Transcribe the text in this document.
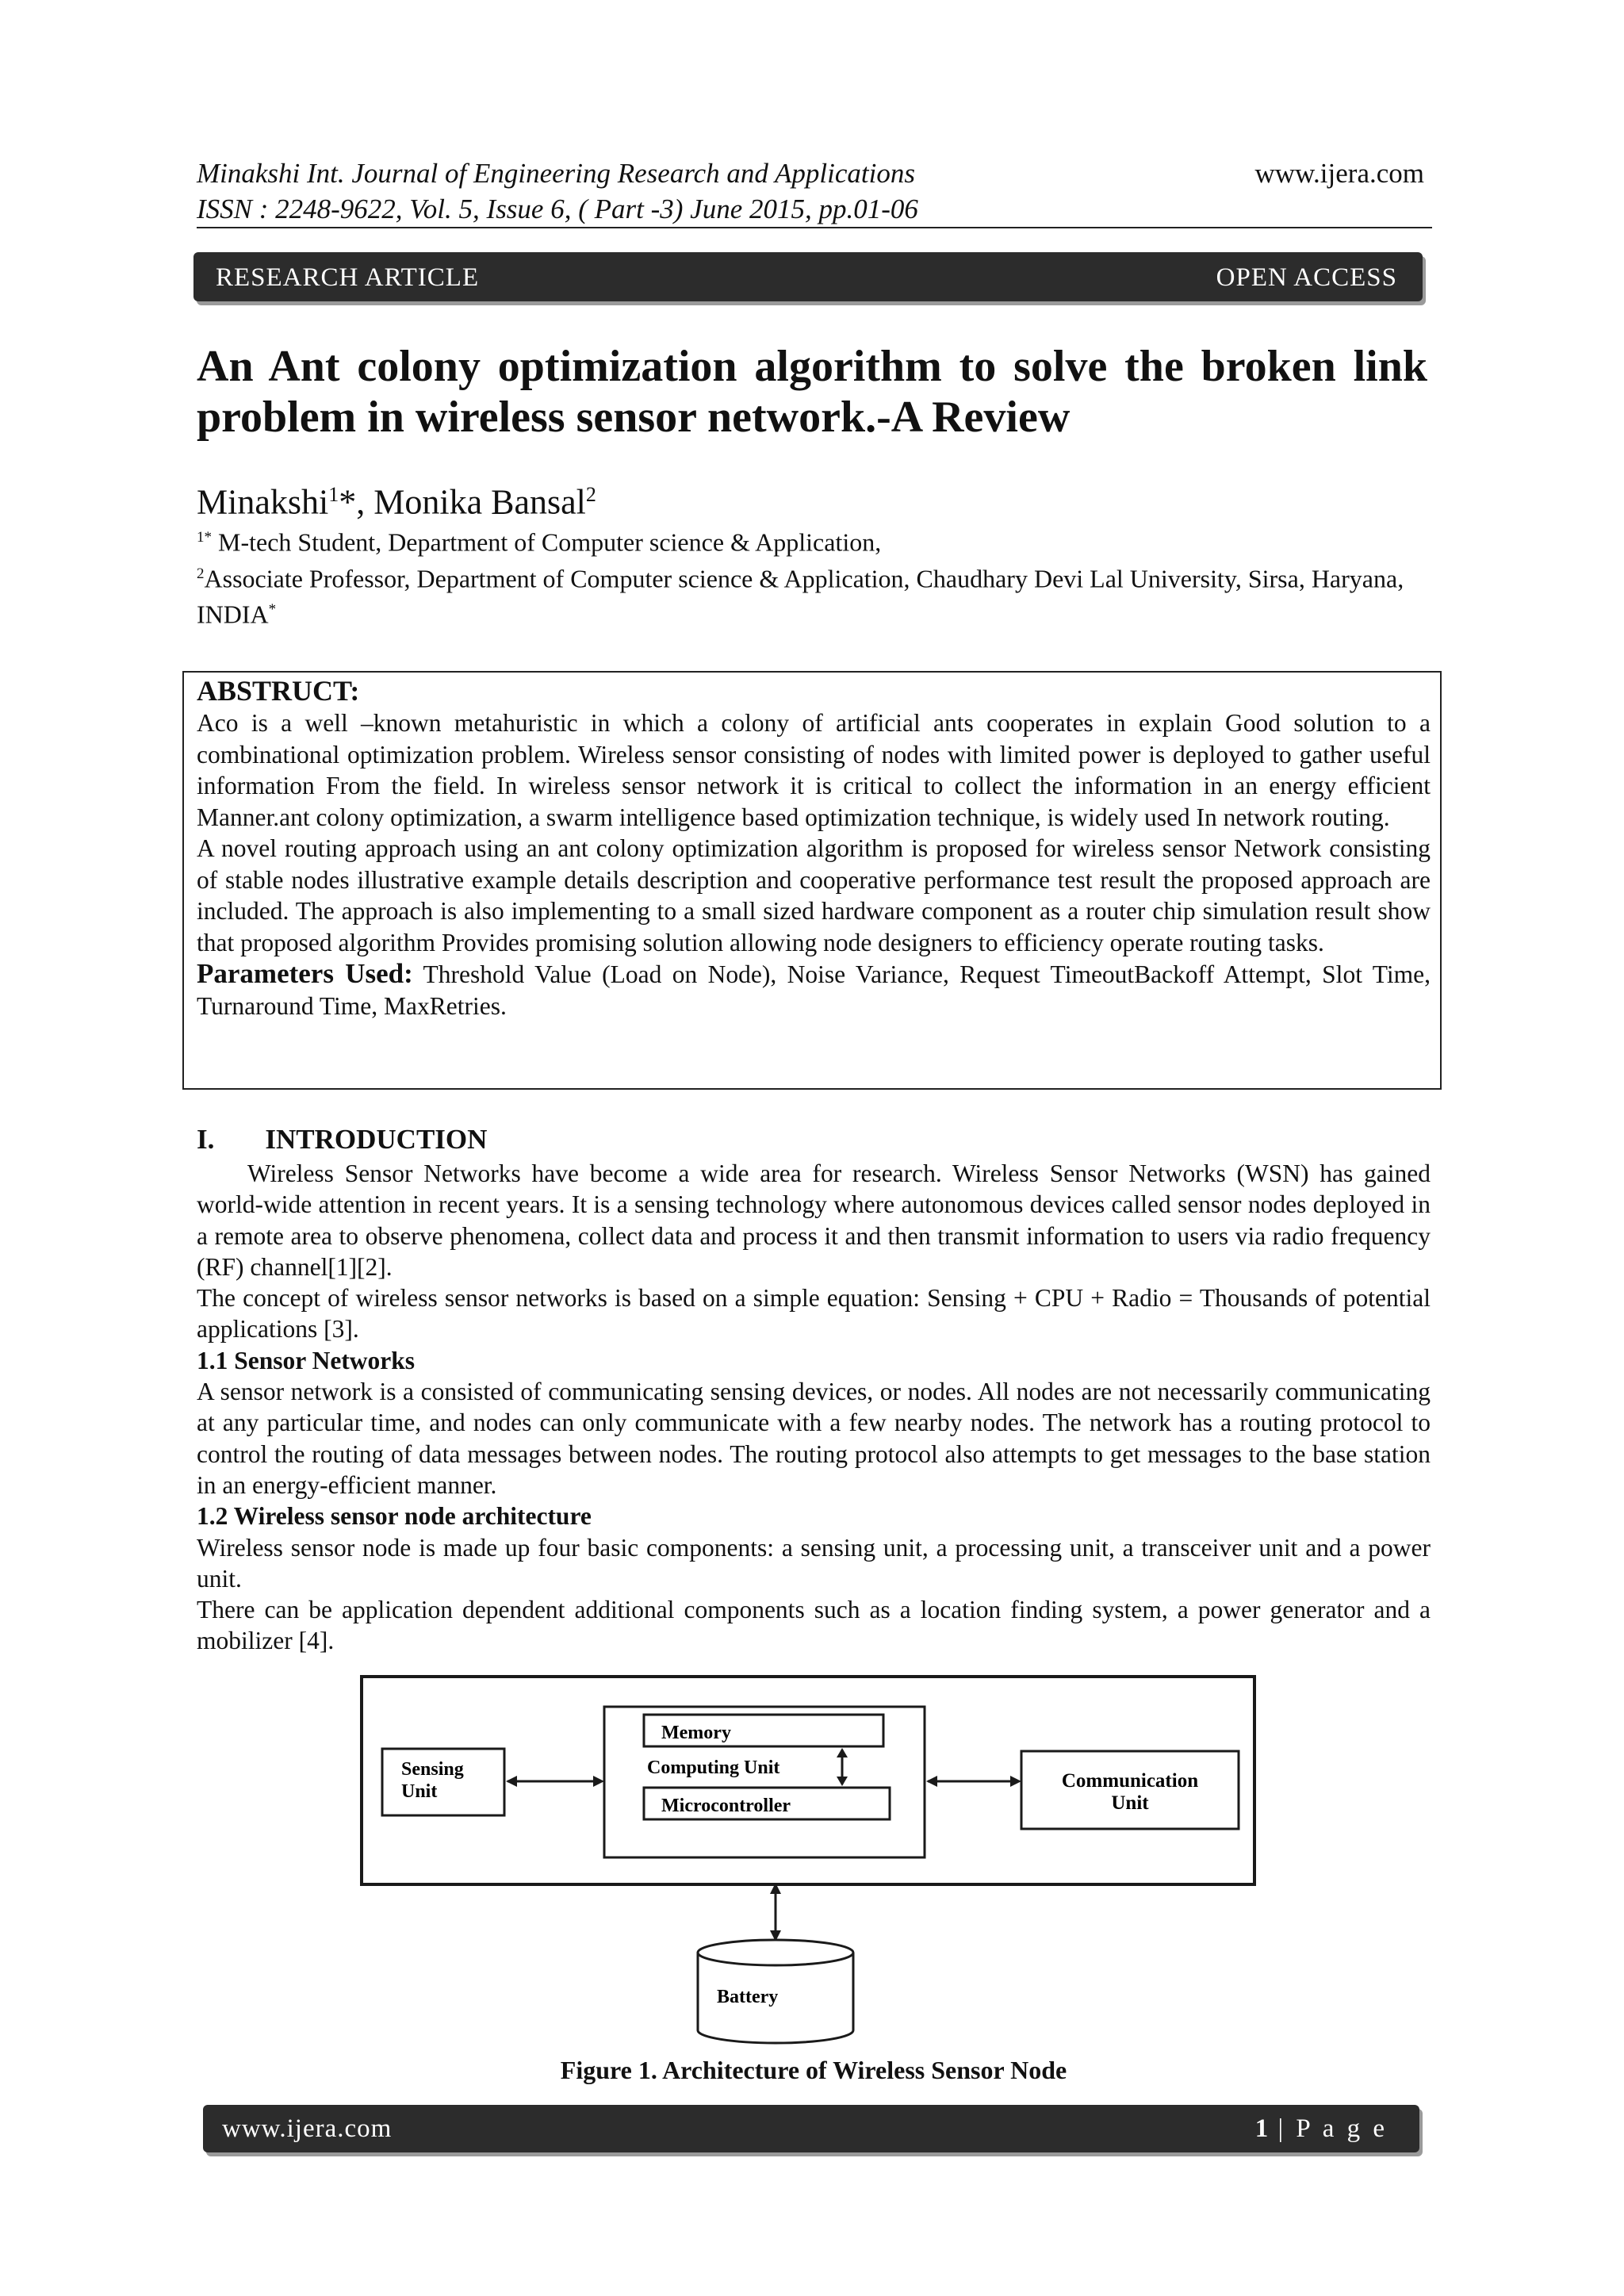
Minakshi Int. Journal of Engineering Research and Applications
ISSN : 2248-9622, Vol. 5, Issue 6, ( Part -3) June 2015, pp.01-06
www.ijera.com
RESEARCH ARTICLE	OPEN ACCESS
An Ant colony optimization algorithm to solve the broken link problem in wireless sensor network.-A Review
Minakshi$^1$*, Monika Bansal$^2$
$^{1*}$ M-tech Student, Department of Computer science & Application,
$^2$Associate Professor, Department of Computer science & Application, Chaudhary Devi Lal University, Sirsa, Haryana, INDIA*
ABSTRUCT:

Aco is a well –known metahuristic in which a colony of artificial ants cooperates in explain Good solution to a combinational optimization problem. Wireless sensor consisting of nodes with limited power is deployed to gather useful information From the field. In wireless sensor network it is critical to collect the information in an energy efficient Manner.ant colony optimization, a swarm intelligence based optimization technique, is widely used In network routing.

A novel routing approach using an ant colony optimization algorithm is proposed for wireless sensor Network consisting of stable nodes illustrative example details description and cooperative performance test result the proposed approach are included. The approach is also implementing to a small sized hardware component as a router chip simulation result show that proposed algorithm Provides promising solution allowing node designers to efficiency operate routing tasks.

Parameters Used: Threshold Value (Load on Node), Noise Variance, Request TimeoutBackoff Attempt, Slot Time, Turnaround Time, MaxRetries.

I. INTRODUCTION

Wireless Sensor Networks have become a wide area for research. Wireless Sensor Networks (WSN) has gained world-wide attention in recent years. It is a sensing technology where autonomous devices called sensor nodes deployed in a remote area to observe phenomena, collect data and process it and then transmit information to users via radio frequency (RF) channel[1][2].

The concept of wireless sensor networks is based on a simple equation: Sensing + CPU + Radio = Thousands of potential applications [3].

1.1 Sensor Networks

A sensor network is a consisted of communicating sensing devices, or nodes. All nodes are not necessarily communicating at any particular time, and nodes can only communicate with a few nearby nodes. The network has a routing protocol to control the routing of data messages between nodes. The routing protocol also attempts to get messages to the base station in an energy-efficient manner.

1.2 Wireless sensor node architecture

Wireless sensor node is made up four basic components: a sensing unit, a processing unit, a transceiver unit and a power unit.

There can be application dependent additional components such as a location finding system, a power generator and a mobilizer [4].

Sensing
Unit
Memory
Computing Unit
Microcontroller
Communication
Unit
Battery
Figure 1. Architecture of Wireless Sensor Node
www.ijera.com	1 | P a g e
